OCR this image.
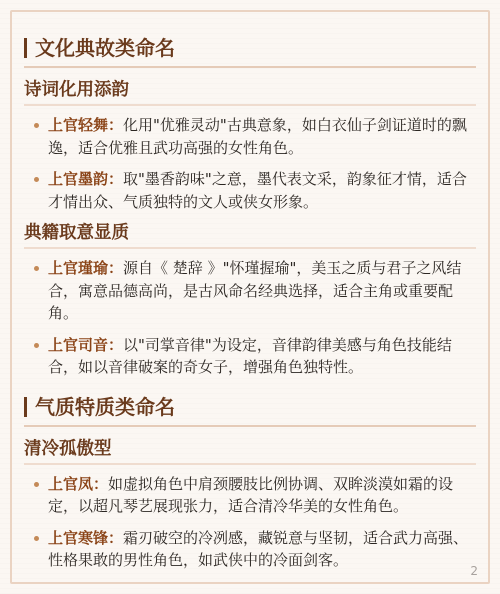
文化典故类命名
诗词化用添韵

上官轻舞：化用"优雅灵动"古典意象，如白衣仙子剑证道时的飘逸，适合优雅且武功高强的女性角色。

上官墨韵：取"墨香韵味"之意，墨代表文采，韵象征才情，适合才情出众、气质独特的文人或侠女形象。

典籍取意显质

上官瑾瑜：源自《 楚辞 》"怀瑾握瑜"，美玉之质与君子之风结合，寓意品德高尚，是古风命名经典选择，适合主角或重要配角。

上官司音：以"司掌音律"为设定，音律韵律美感与角色技能结合，如以音律破案的奇女子，增强角色独特性。

气质特质类命名
清冷孤傲型

上官凤：如虚拟角色中肩颈腰肢比例协调、双眸淡漠如霜的设定，以超凡琴艺展现张力，适合清冷华美的女性角色。

上官寒锋：霜刃破空的冷冽感，藏锐意与坚韧，适合武力高强、性格果敢的男性角色，如武侠中的冷面剑客。

2
